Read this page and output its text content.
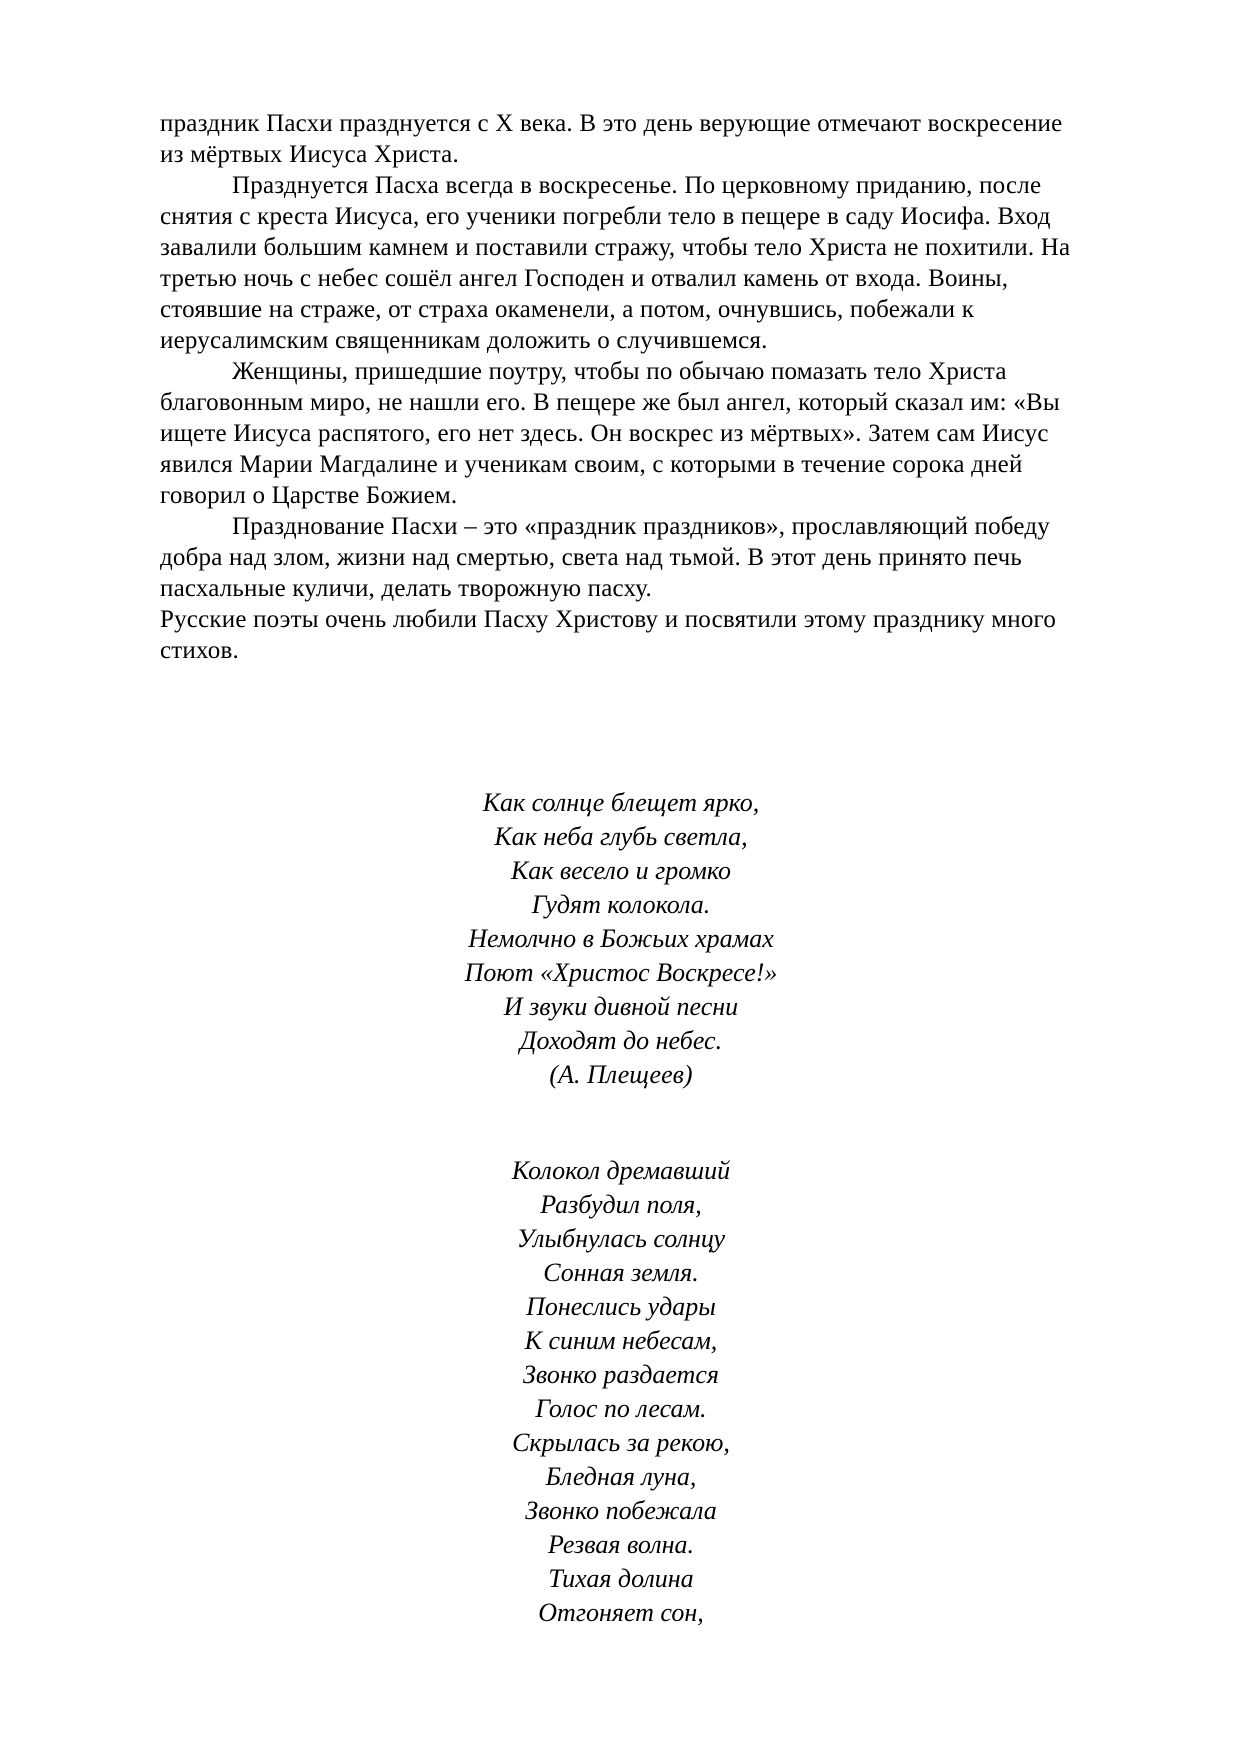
праздник Пасхи празднуется с X века. В это день верующие отмечают воскресение из мёртвых Иисуса Христа.

Празднуется Пасха всегда в воскресенье. По церковному приданию, после снятия с креста Иисуса, его ученики погребли тело в пещере в саду Иосифа. Вход завалили большим камнем и поставили стражу, чтобы тело Христа не похитили. На третью ночь с небес сошёл ангел Господен и отвалил камень от входа. Воины, стоявшие на страже, от страха окаменели, а потом, очнувшись, побежали к иерусалимским священникам доложить о случившемся.

Женщины, пришедшие поутру, чтобы по обычаю помазать тело Христа благовонным миро, не нашли его. В пещере же был ангел, который сказал им: «Вы ищете Иисуса распятого, его нет здесь. Он воскрес из мёртвых». Затем сам Иисус явился Марии Магдалине и ученикам своим, с которыми в течение сорока дней говорил о Царстве Божием.

Празднование Пасхи – это «праздник праздников», прославляющий победу добра над злом, жизни над смертью, света над тьмой. В этот день принято печь пасхальные куличи, делать творожную пасху.

Русские поэты очень любили Пасху Христову и посвятили этому празднику много стихов.

Как солнце блещет ярко,
Как неба глубь светла,
Как весело и громко
Гудят колокола.
Немолчно в Божьих храмах
Поют «Христос Воскресе!»
И звуки дивной песни
Доходят до небес.
(А. Плещеев)
Колокол дремавший
Разбудил поля,
Улыбнулась солнцу
Сонная земля.
Понеслись удары
К синим небесам,
Звонко раздается
Голос по лесам.
Скрылась за рекою,
Бледная луна,
Звонко побежала
Резвая волна.
Тихая долина
Отгоняет сон,
